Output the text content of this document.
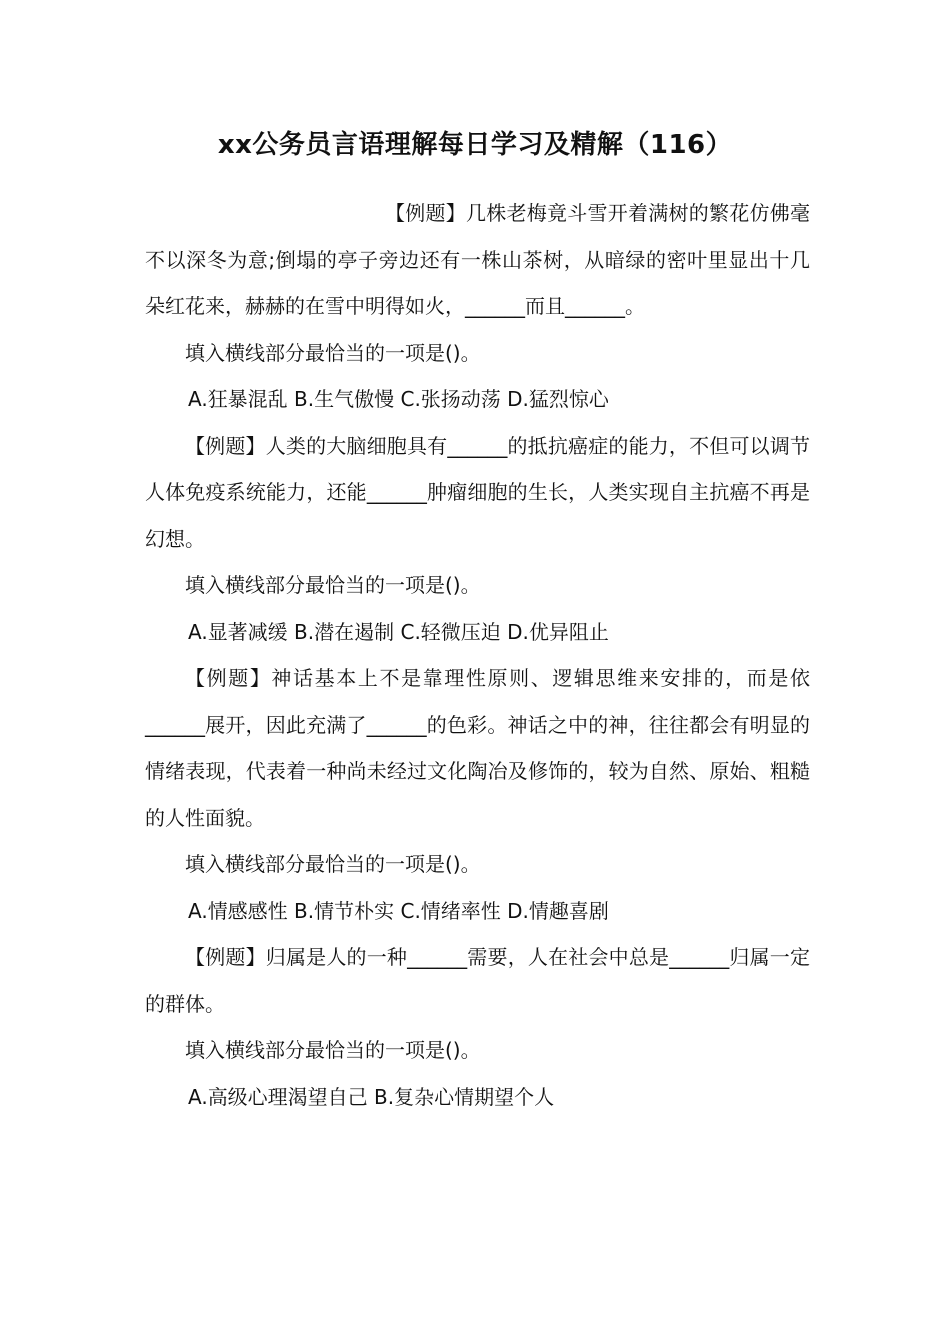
xx公务员言语理解每日学习及精解（116）

【例题】几株老梅竟斗雪开着满树的繁花仿佛毫不以深冬为意;倒塌的亭子旁边还有一株山茶树，从暗绿的密叶里显出十几朵红花来，赫赫的在雪中明得如火，______而且______。

填入横线部分最恰当的一项是()。

A.狂暴混乱 B.生气傲慢 C.张扬动荡 D.猛烈惊心

【例题】人类的大脑细胞具有______的抵抗癌症的能力，不但可以调节人体免疫系统能力，还能______肿瘤细胞的生长，人类实现自主抗癌不再是幻想。

填入横线部分最恰当的一项是()。

A.显著减缓 B.潜在遏制 C.轻微压迫 D.优异阻止

【例题】神话基本上不是靠理性原则、逻辑思维来安排的，而是依______展开，因此充满了______的色彩。神话之中的神，往往都会有明显的情绪表现，代表着一种尚未经过文化陶冶及修饰的，较为自然、原始、粗糙的人性面貌。

填入横线部分最恰当的一项是()。

A.情感感性 B.情节朴实 C.情绪率性 D.情趣喜剧

【例题】归属是人的一种______需要，人在社会中总是______归属一定的群体。

填入横线部分最恰当的一项是()。

A.高级心理渴望自己 B.复杂心情期望个人
